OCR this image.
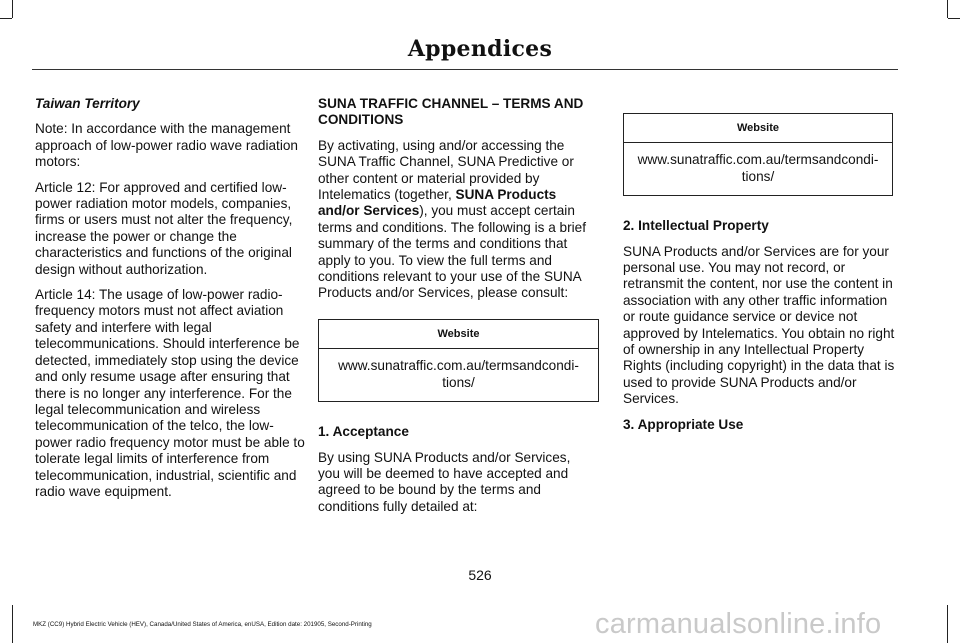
Appendices

Taiwan Territory

Note: In accordance with the management approach of low-power radio wave radiation motors:

Article 12: For approved and certified low-power radiation motor models, companies, firms or users must not alter the frequency, increase the power or change the characteristics and functions of the original design without authorization.

Article 14: The usage of low-power radio-frequency motors must not affect aviation safety and interfere with legal telecommunications. Should interference be detected, immediately stop using the device and only resume usage after ensuring that there is no longer any interference. For the legal telecommunication and wireless telecommunication of the telco, the low-power radio frequency motor must be able to tolerate legal limits of interference from telecommunication, industrial, scientific and radio wave equipment.

SUNA TRAFFIC CHANNEL – TERMS AND CONDITIONS

By activating, using and/or accessing the SUNA Traffic Channel, SUNA Predictive or other content or material provided by Intelematics (together, SUNA Products and/or Services), you must accept certain terms and conditions. The following is a brief summary of the terms and conditions that apply to you. To view the full terms and conditions relevant to your use of the SUNA Products and/or Services, please consult:

Website
www.sunatraffic.com.au/termsandcondi-tions/

1. Acceptance

By using SUNA Products and/or Services, you will be deemed to have accepted and agreed to be bound by the terms and conditions fully detailed at:

Website
www.sunatraffic.com.au/termsandcondi-tions/

2. Intellectual Property

SUNA Products and/or Services are for your personal use. You may not record, or retransmit the content, nor use the content in association with any other traffic information or route guidance service or device not approved by Intelematics. You obtain no right of ownership in any Intellectual Property Rights (including copyright) in the data that is used to provide SUNA Products and/or Services.

3. Appropriate Use

526
MKZ (CC9) Hybrid Electric Vehicle (HEV), Canada/United States of America, enUSA, Edition date: 201905, Second-Printing	carmanualsonline.info
